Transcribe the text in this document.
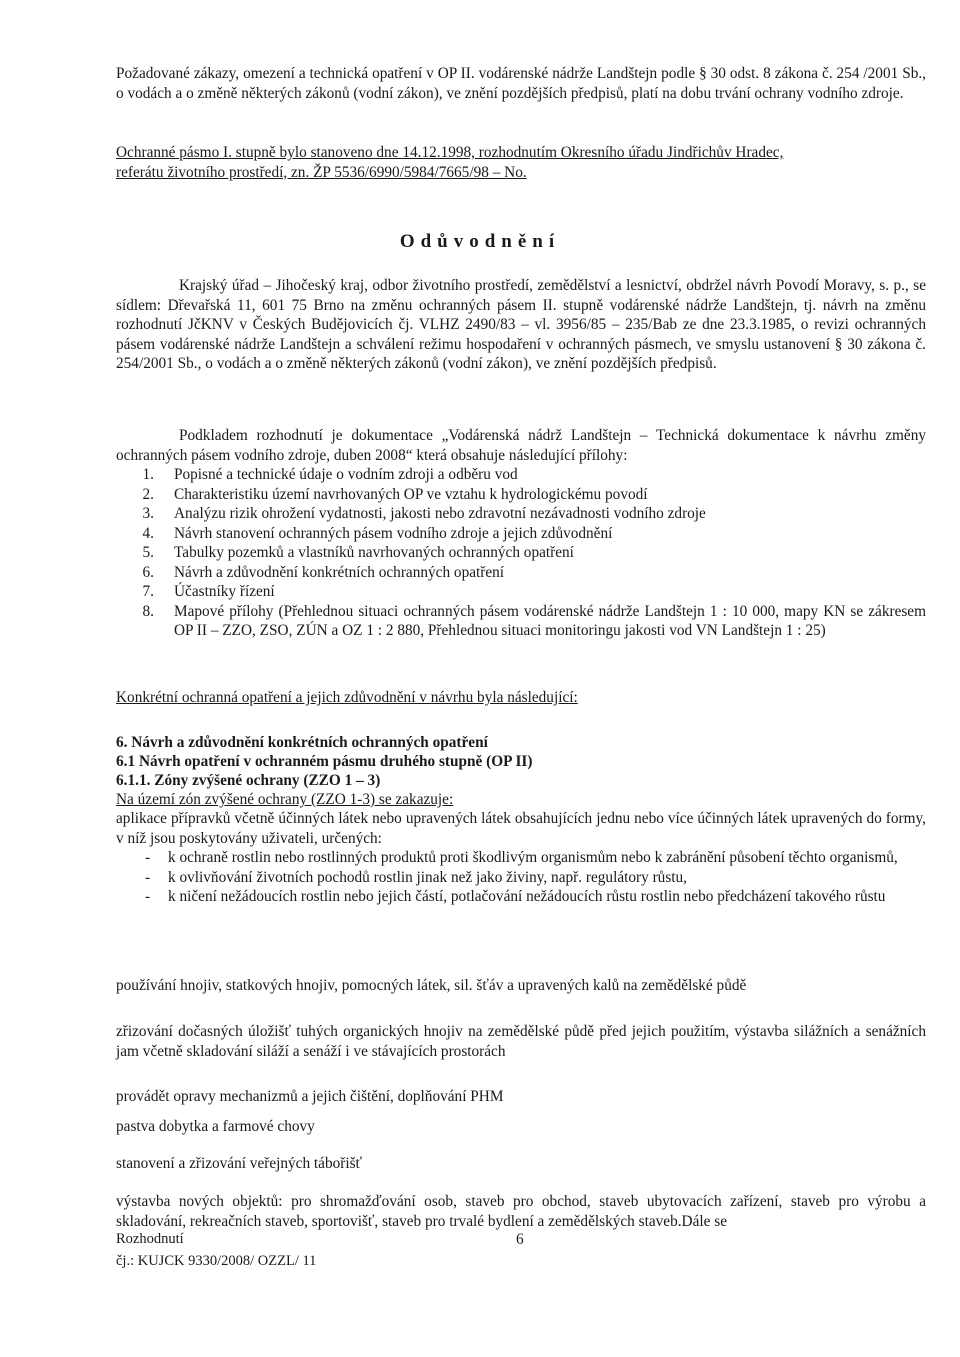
Požadované zákazy, omezení a technická opatření v OP II. vodárenské nádrže Landštejn podle § 30 odst. 8 zákona č. 254 /2001 Sb., o vodách a o změně některých zákonů (vodní zákon), ve znění pozdějších předpisů, platí na dobu trvání ochrany vodního zdroje.
Ochranné pásmo I. stupně bylo stanoveno dne 14.12.1998, rozhodnutím Okresního úřadu Jindřichův Hradec,
referátu životního prostředí, zn. ŽP 5536/6990/5984/7665/98 – No.
Odůvodnění
Krajský úřad – Jihočeský kraj, odbor životního prostředí, zemědělství a lesnictví, obdržel návrh Povodí Moravy, s. p., se sídlem: Dřevařská 11, 601 75 Brno na změnu ochranných pásem II. stupně vodárenské nádrže Landštejn, tj. návrh na změnu rozhodnutí JčKNV v Českých Budějovicích čj. VLHZ 2490/83 – vl. 3956/85 – 235/Bab ze dne 23.3.1985, o revizi ochranných pásem vodárenské nádrže Landštejn a schválení režimu hospodaření v ochranných pásmech, ve smyslu ustanovení § 30 zákona č. 254/2001 Sb., o vodách a o změně některých zákonů (vodní zákon), ve znění pozdějších předpisů.
Podkladem rozhodnutí je dokumentace „Vodárenská nádrž Landštejn – Technická dokumentace k návrhu změny ochranných pásem vodního zdroje, duben 2008“ která obsahuje následující přílohy:
1. Popisné a technické údaje o vodním zdroji a odběru vod
2. Charakteristiku území navrhovaných OP ve vztahu k hydrologickému povodí
3. Analýzu rizik ohrožení vydatnosti, jakosti nebo zdravotní nezávadnosti vodního zdroje
4. Návrh stanovení ochranných pásem vodního zdroje a jejich zdůvodnění
5. Tabulky pozemků a vlastníků navrhovaných ochranných opatření
6. Návrh a zdůvodnění konkrétních ochranných opatření
7. Účastníky řízení
8. Mapové přílohy (Přehlednou situaci ochranných pásem vodárenské nádrže Landštejn 1 : 10 000, mapy KN se zákresem OP II – ZZO, ZSO, ZÚN a OZ 1 : 2 880, Přehlednou situaci monitoringu jakosti vod VN Landštejn 1 : 25)
Konkrétní ochranná opatření a jejich zdůvodnění v návrhu byla následující:
6. Návrh a zdůvodnění konkrétních ochranných opatření
6.1 Návrh opatření v ochranném pásmu druhého stupně (OP II)
6.1.1. Zóny zvýšené ochrany (ZZO 1 – 3)
Na území zón zvýšené ochrany (ZZO 1-3) se zakazuje:
aplikace přípravků včetně účinných látek nebo upravených látek obsahujících jednu nebo více účinných látek upravených do formy, v níž jsou poskytovány uživateli, určených:
- k ochraně rostlin nebo rostlinných produktů proti škodlivým organismům nebo k zabránění působení těchto organismů,
- k ovlivňování životních pochodů rostlin jinak než jako živiny, např. regulátory růstu,
- k ničení nežádoucích rostlin nebo jejich částí, potlačování nežádoucích růstu rostlin nebo předcházení takového růstu
používání hnojiv, statkových hnojiv, pomocných látek, sil. šťáv a upravených kalů na zemědělské půdě
zřizování dočasných úložišť tuhých organických hnojiv na zemědělské půdě před jejich použitím, výstavba silážních a senážních jam včetně skladování siláží a senáží i ve stávajících prostorách
provádět opravy mechanizmů a jejich čištění, doplňování PHM
pastva dobytka a farmové chovy
stanovení a zřizování veřejných tábořišť
výstavba nových objektů: pro shromažďování osob, staveb pro obchod, staveb ubytovacích zařízení, staveb pro výrobu a skladování, rekreačních staveb, sportovišť, staveb pro trvalé bydlení a zemědělských staveb.Dále se
Rozhodnutí	6
čj.: KUJCK 9330/2008/ OZZL/ 11
